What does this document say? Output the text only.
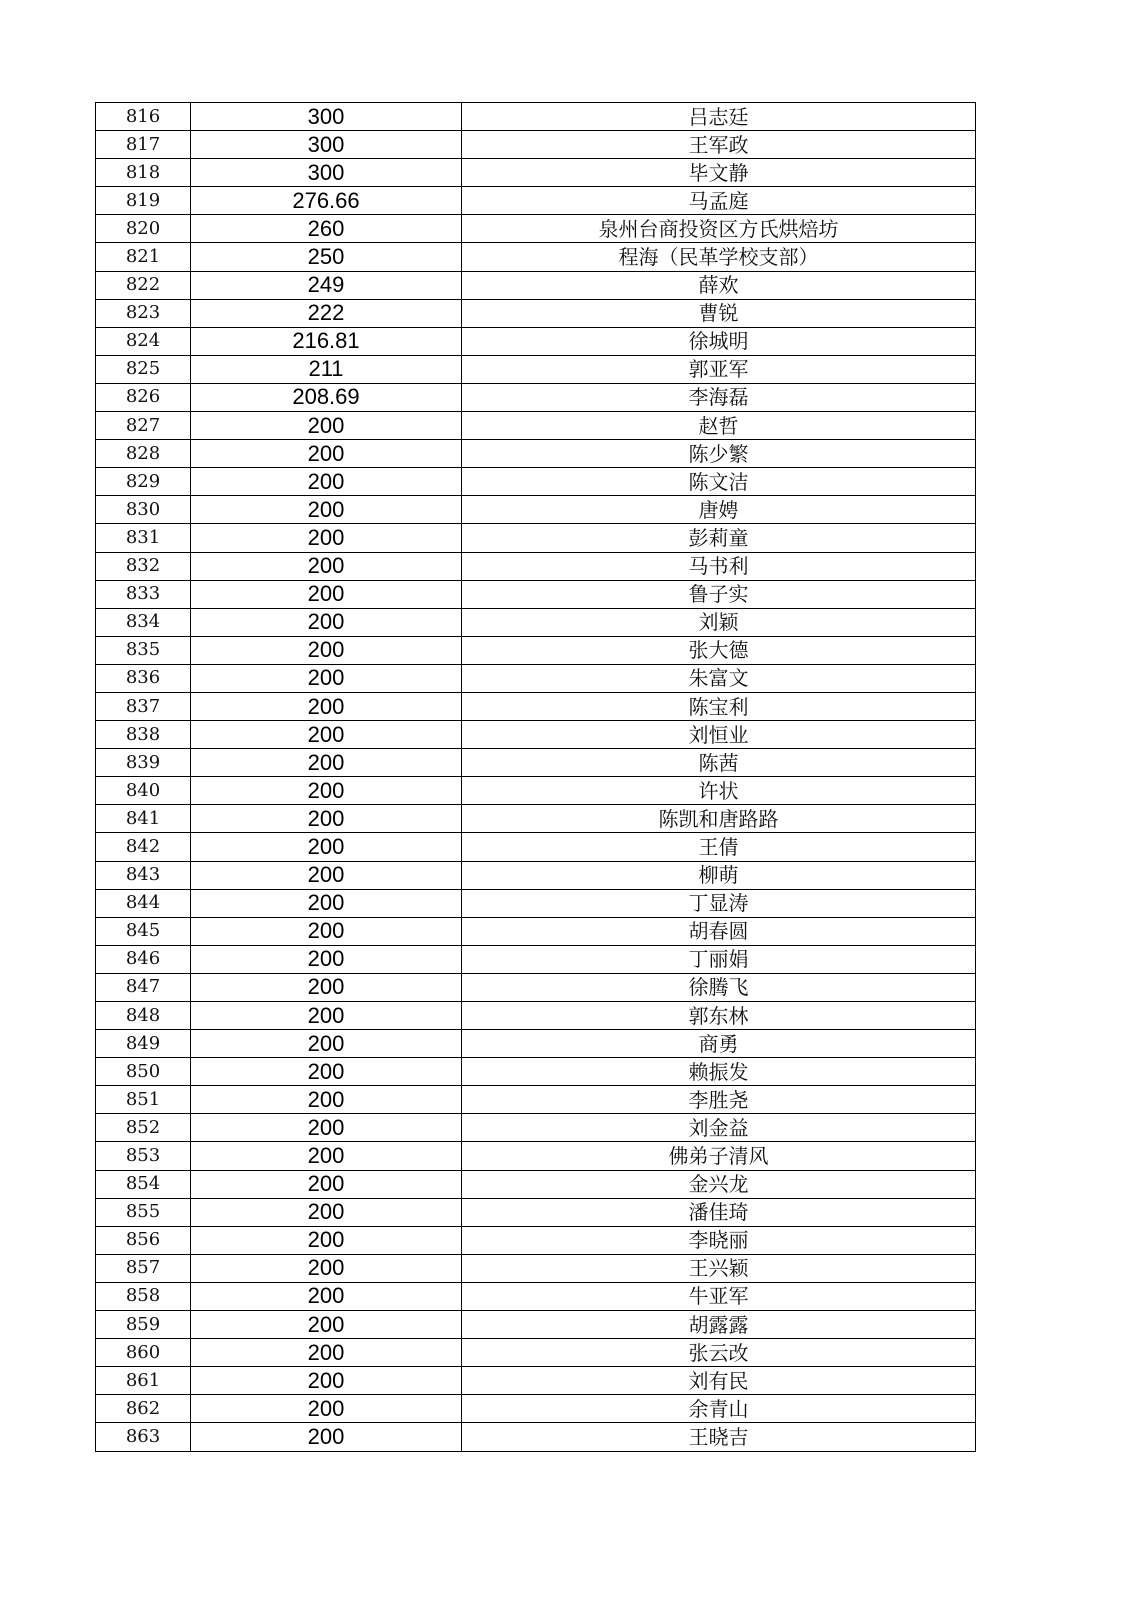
816	300	吕志廷
817	300	王军政
818	300	毕文静
819	276.66	马孟庭
820	260	泉州台商投资区方氏烘焙坊
821	250	程海（民革学校支部）
822	249	薛欢
823	222	曹锐
824	216.81	徐城明
825	211	郭亚军
826	208.69	李海磊
827	200	赵哲
828	200	陈少繁
829	200	陈文洁
830	200	唐娉
831	200	彭莉童
832	200	马书利
833	200	鲁子实
834	200	刘颖
835	200	张大德
836	200	朱富文
837	200	陈宝利
838	200	刘恒业
839	200	陈茜
840	200	许状
841	200	陈凯和唐路路
842	200	王倩
843	200	柳萌
844	200	丁显涛
845	200	胡春圆
846	200	丁丽娟
847	200	徐腾飞
848	200	郭东林
849	200	商勇
850	200	赖振发
851	200	李胜尧
852	200	刘金益
853	200	佛弟子清风
854	200	金兴龙
855	200	潘佳琦
856	200	李晓丽
857	200	王兴颖
858	200	牛亚军
859	200	胡露露
860	200	张云改
861	200	刘有民
862	200	余青山
863	200	王晓吉
